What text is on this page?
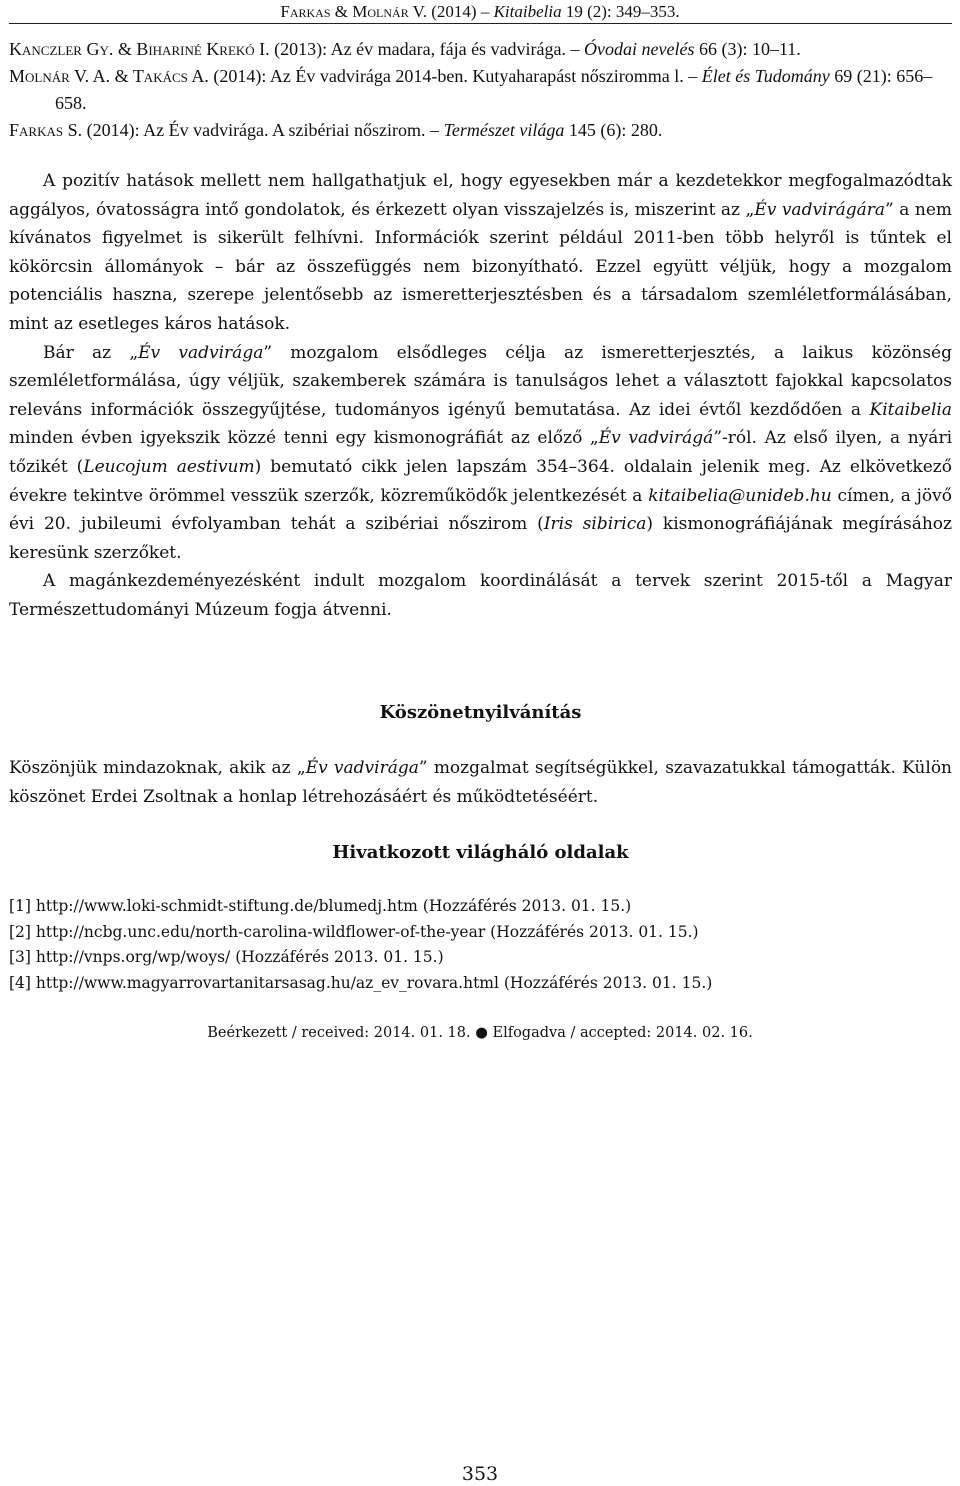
Farkas & Molnár V. (2014) – Kitaibelia 19 (2): 349–353.
Kanczler Gy. & Bihariné Krekó I. (2013): Az év madara, fája és vadvirága. – Óvodai nevelés 66 (3): 10–11.
Molnár V. A. & Takács A. (2014): Az Év vadvirága 2014-ben. Kutyaharapást nősziromma l. – Élet és Tudomány 69 (21): 656–658.
Farkas S. (2014): Az Év vadvirága. A szibériai nőszirom. – Természet világa 145 (6): 280.

A pozitív hatások mellett nem hallgathatjuk el, hogy egyesekben már a kezdetekkor megfogalmazódtak aggályos, óvatosságra intő gondolatok, és érkezett olyan visszajelzés is, miszerint az „Év vadvirágára” a nem kívánatos figyelmet is sikerült felhívni. Információk szerint például 2011-ben több helyről is tűntek el kökörcsin állományok – bár az összefüggés nem bizonyítható. Ezzel együtt véljük, hogy a mozgalom potenciális haszna, szerepe jelentősebb az ismeretterjesztésben és a társadalom szemléletformálásában, mint az esetleges káros hatások.

Bár az „Év vadvirága” mozgalom elsődleges célja az ismeretterjesztés, a laikus közönség szemléletformálása, úgy véljük, szakemberek számára is tanulságos lehet a választott fajokkal kapcsolatos releváns információk összegyűjtése, tudományos igényű bemutatása. Az idei évtől kezdődően a Kitaibelia minden évben igyekszik közzé tenni egy kismonográfiát az előző „Év vadvirágá”-ról. Az első ilyen, a nyári tőzikét (Leucojum aestivum) bemutató cikk jelen lapszám 354–364. oldalain jelenik meg. Az elkövetkező évekre tekintve örömmel vesszük szerzők, közreműködők jelentkezését a kitaibelia@unideb.hu címen, a jövő évi 20. jubileumi évfolyamban tehát a szibériai nőszirom (Iris sibirica) kismonográfiájának megírásához keresünk szerzőket.

A magánkezdeményezésként indult mozgalom koordinálását a tervek szerint 2015-től a Magyar Természettudományi Múzeum fogja átvenni.

Köszönetnyilvánítás
Köszönjük mindazoknak, akik az „Év vadvirága” mozgalmat segítségükkel, szavazatukkal támogatták. Külön köszönet Erdei Zsoltnak a honlap létrehozásáért és működtetéséért.
Hivatkozott világháló oldalak
[1] http://www.loki-schmidt-stiftung.de/blumedj.htm (Hozzáférés 2013. 01. 15.)
[2] http://ncbg.unc.edu/north-carolina-wildflower-of-the-year (Hozzáférés 2013. 01. 15.)
[3] http://vnps.org/wp/woys/ (Hozzáférés 2013. 01. 15.)
[4] http://www.magyarrovartanitarsasag.hu/az_ev_rovara.html (Hozzáférés 2013. 01. 15.)
Beérkezett / received: 2014. 01. 18. ● Elfogadva / accepted: 2014. 02. 16.
353
